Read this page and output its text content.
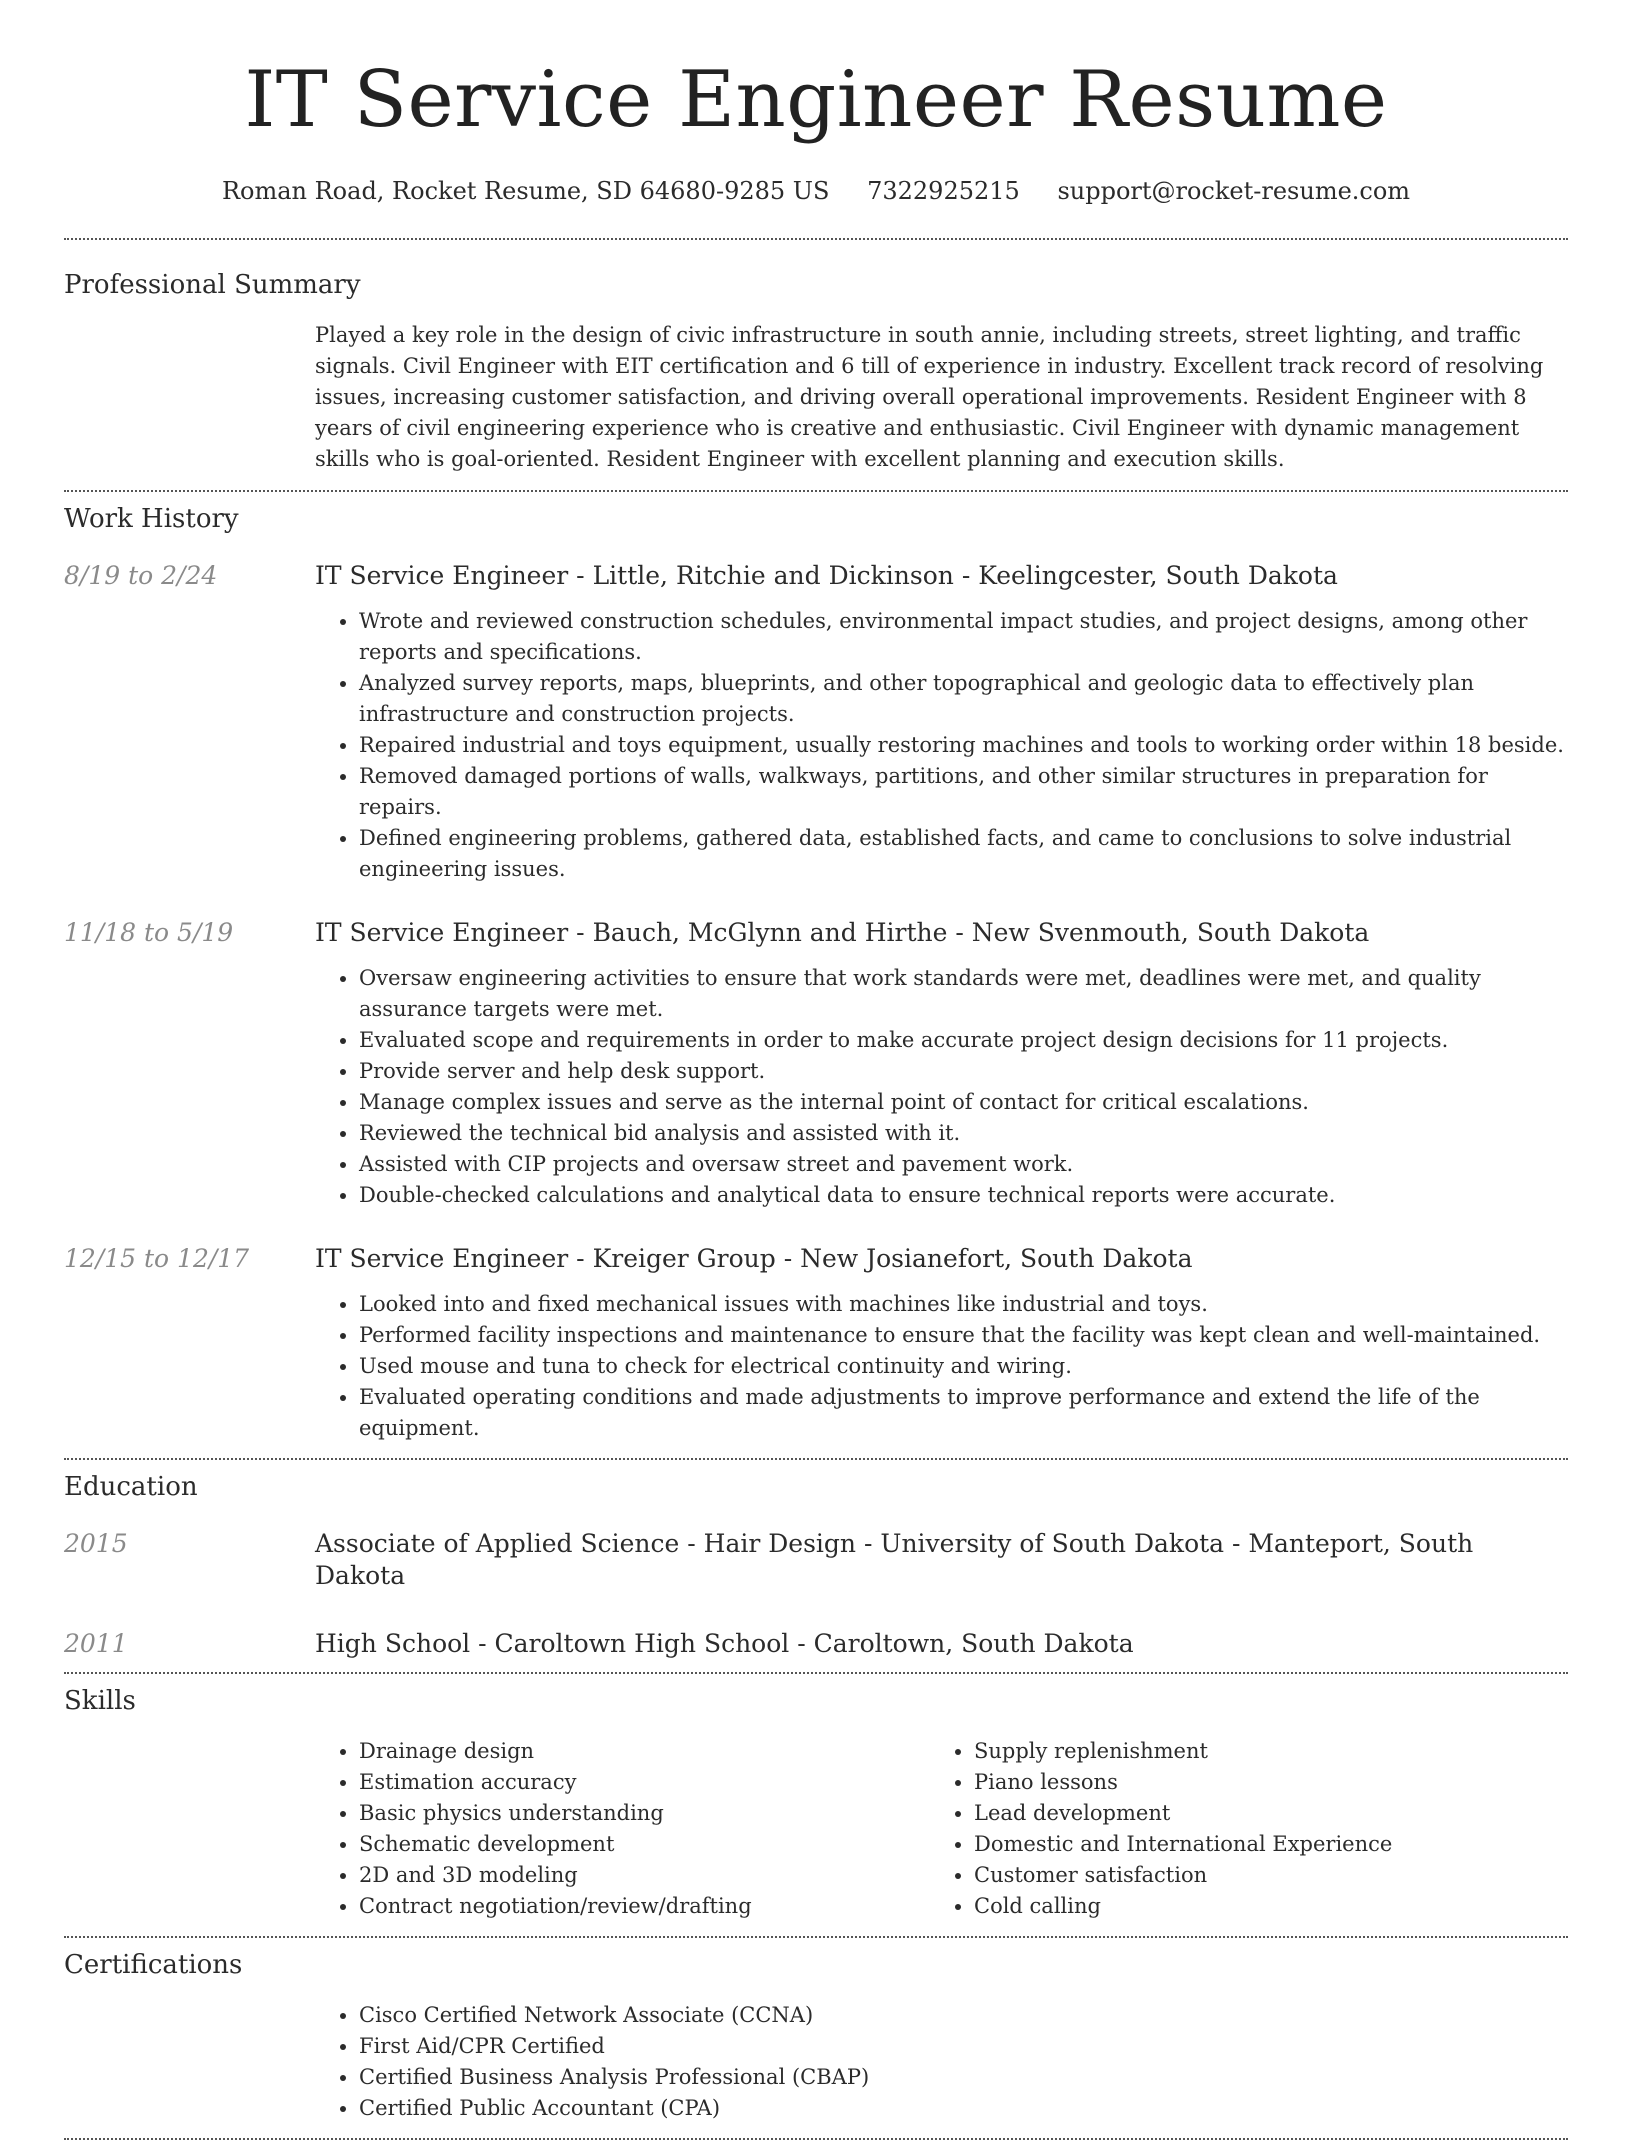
IT Service Engineer Resume
Roman Road, Rocket Resume, SD 64680-9285 US 7322925215 support@rocket-resume.com
Professional Summary

Played a key role in the design of civic infrastructure in south annie, including streets, street lighting, and traffic signals. Civil Engineer with EIT certification and 6 till of experience in industry. Excellent track record of resolving issues, increasing customer satisfaction, and driving overall operational improvements. Resident Engineer with 8 years of civil engineering experience who is creative and enthusiastic. Civil Engineer with dynamic management skills who is goal-oriented. Resident Engineer with excellent planning and execution skills.

Work History
8/19 to 2/24	IT Service Engineer - Little, Ritchie and Dickinson - Keelingcester, South Dakota
• Wrote and reviewed construction schedules, environmental impact studies, and project designs, among other reports and specifications.
• Analyzed survey reports, maps, blueprints, and other topographical and geologic data to effectively plan infrastructure and construction projects.
• Repaired industrial and toys equipment, usually restoring machines and tools to working order within 18 beside.
• Removed damaged portions of walls, walkways, partitions, and other similar structures in preparation for repairs.
• Defined engineering problems, gathered data, established facts, and came to conclusions to solve industrial engineering issues.
11/18 to 5/19	IT Service Engineer - Bauch, McGlynn and Hirthe - New Svenmouth, South Dakota
• Oversaw engineering activities to ensure that work standards were met, deadlines were met, and quality assurance targets were met.
• Evaluated scope and requirements in order to make accurate project design decisions for 11 projects.
• Provide server and help desk support.
• Manage complex issues and serve as the internal point of contact for critical escalations.
• Reviewed the technical bid analysis and assisted with it.
• Assisted with CIP projects and oversaw street and pavement work.
• Double-checked calculations and analytical data to ensure technical reports were accurate.
12/15 to 12/17	IT Service Engineer - Kreiger Group - New Josianefort, South Dakota
• Looked into and fixed mechanical issues with machines like industrial and toys.
• Performed facility inspections and maintenance to ensure that the facility was kept clean and well-maintained.
• Used mouse and tuna to check for electrical continuity and wiring.
• Evaluated operating conditions and made adjustments to improve performance and extend the life of the equipment.
Education
2015	Associate of Applied Science - Hair Design - University of South Dakota - Manteport, South Dakota
2011	High School - Caroltown High School - Caroltown, South Dakota
Skills
• Drainage design
• Estimation accuracy
• Basic physics understanding
• Schematic development
• 2D and 3D modeling
• Contract negotiation/review/drafting
• Supply replenishment
• Piano lessons
• Lead development
• Domestic and International Experience
• Customer satisfaction
• Cold calling
Certifications
• Cisco Certified Network Associate (CCNA)
• First Aid/CPR Certified
• Certified Business Analysis Professional (CBAP)
• Certified Public Accountant (CPA)
